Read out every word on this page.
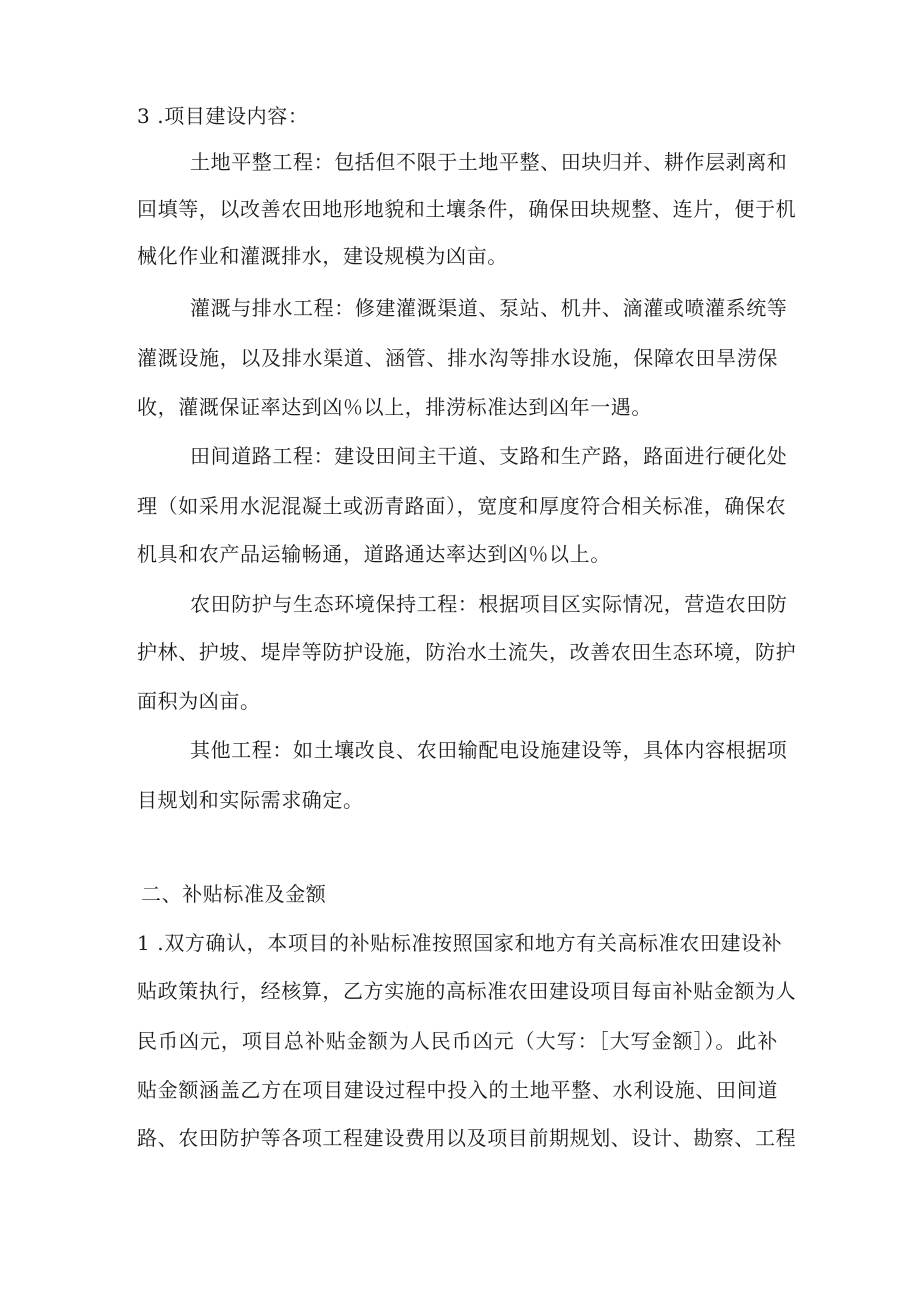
3 .项目建设内容：
土地平整工程：包括但不限于土地平整、田块归并、耕作层剥离和
回填等，以改善农田地形地貌和土壤条件，确保田块规整、连片，便于机
械化作业和灌溉排水，建设规模为凶亩。
灌溉与排水工程：修建灌溉渠道、泵站、机井、滴灌或喷灌系统等
灌溉设施，以及排水渠道、涵管、排水沟等排水设施，保障农田旱涝保
收，灌溉保证率达到凶％以上，排涝标准达到凶年一遇。
田间道路工程：建设田间主干道、支路和生产路，路面进行硬化处
理（如采用水泥混凝土或沥青路面），宽度和厚度符合相关标准，确保农
机具和农产品运输畅通，道路通达率达到凶％以上。
农田防护与生态环境保持工程：根据项目区实际情况，营造农田防
护林、护坡、堤岸等防护设施，防治水土流失，改善农田生态环境，防护
面积为凶亩。
其他工程：如土壤改良、农田输配电设施建设等，具体内容根据项
目规划和实际需求确定。
二、补贴标准及金额
1 .双方确认，本项目的补贴标准按照国家和地方有关高标准农田建设补
贴政策执行，经核算，乙方实施的高标准农田建设项目每亩补贴金额为人
民币凶元，项目总补贴金额为人民币凶元（大写：［大写金额］）。此补
贴金额涵盖乙方在项目建设过程中投入的土地平整、水利设施、田间道
路、农田防护等各项工程建设费用以及项目前期规划、设计、勘察、工程
